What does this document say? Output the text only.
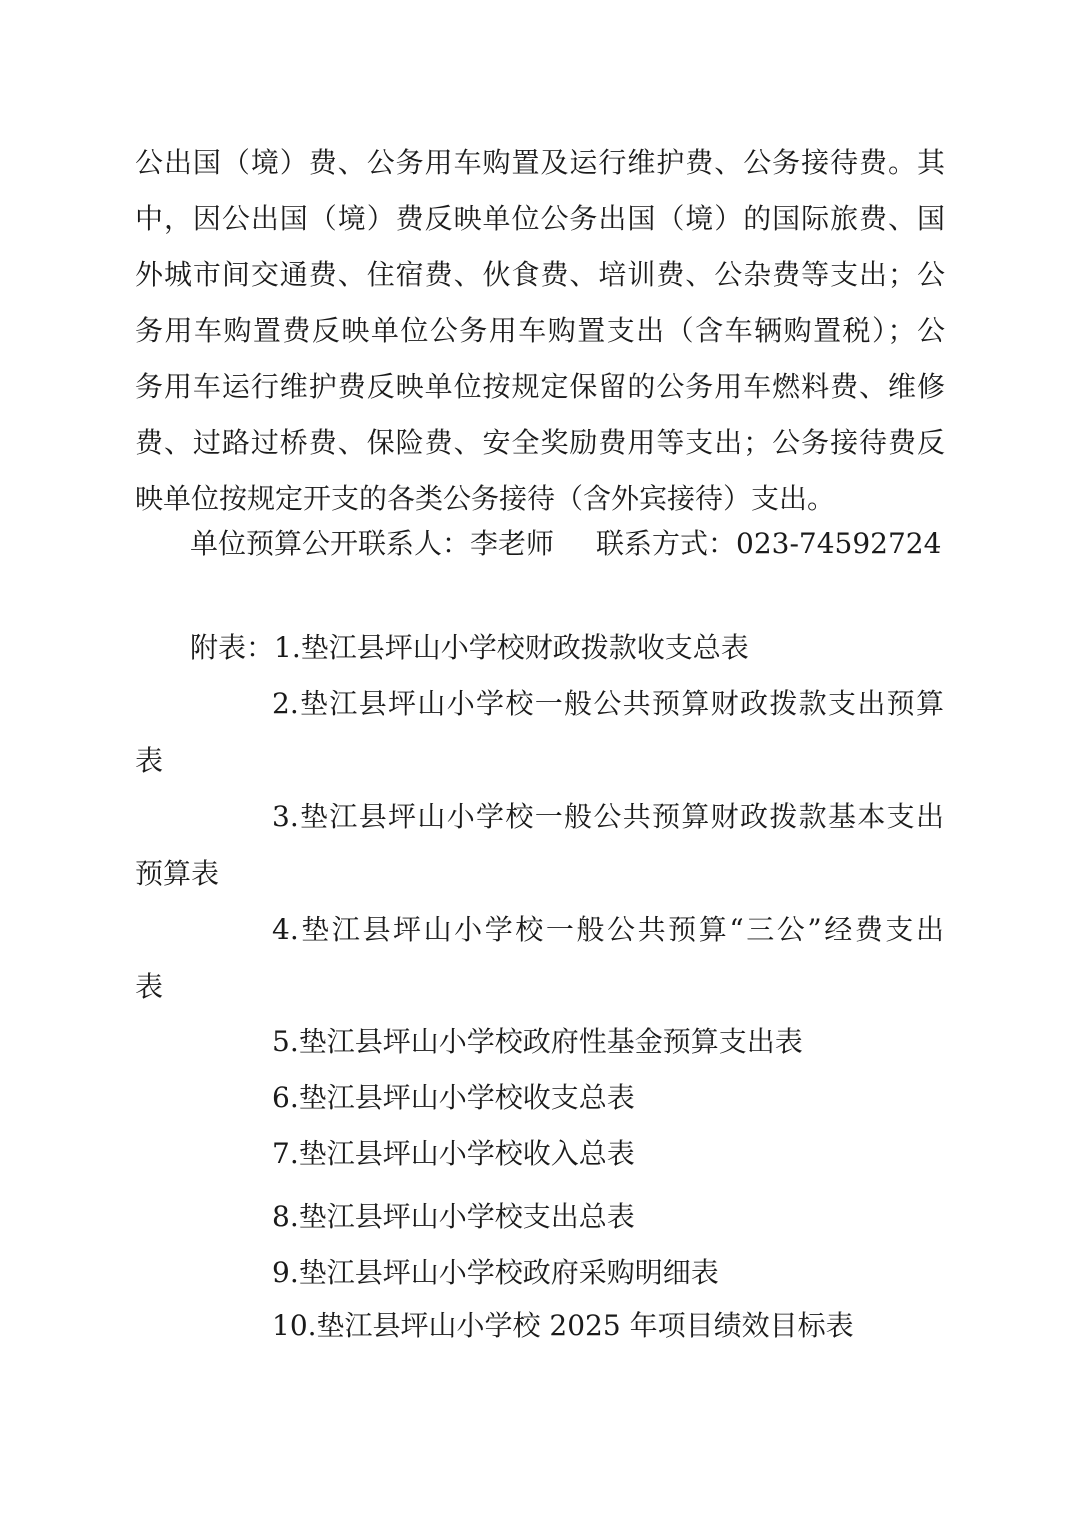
公出国（境）费、公务用车购置及运行维护费、公务接待费。其
中，因公出国（境）费反映单位公务出国（境）的国际旅费、国
外城市间交通费、住宿费、伙食费、培训费、公杂费等支出；公
务用车购置费反映单位公务用车购置支出（含车辆购置税）；公
务用车运行维护费反映单位按规定保留的公务用车燃料费、维修
费、过路过桥费、保险费、安全奖励费用等支出；公务接待费反
映单位按规定开支的各类公务接待（含外宾接待）支出。
单位预算公开联系人：李老师 联系方式：023-74592724
附表：1.垫江县坪山小学校财政拨款收支总表
2.垫江县坪山小学校一般公共预算财政拨款支出预算
表
3.垫江县坪山小学校一般公共预算财政拨款基本支出
预算表
4.垫江县坪山小学校一般公共预算“三公”经费支出
表
5.垫江县坪山小学校政府性基金预算支出表
6.垫江县坪山小学校收支总表
7.垫江县坪山小学校收入总表
8.垫江县坪山小学校支出总表
9.垫江县坪山小学校政府采购明细表
10.垫江县坪山小学校 2025 年项目绩效目标表
